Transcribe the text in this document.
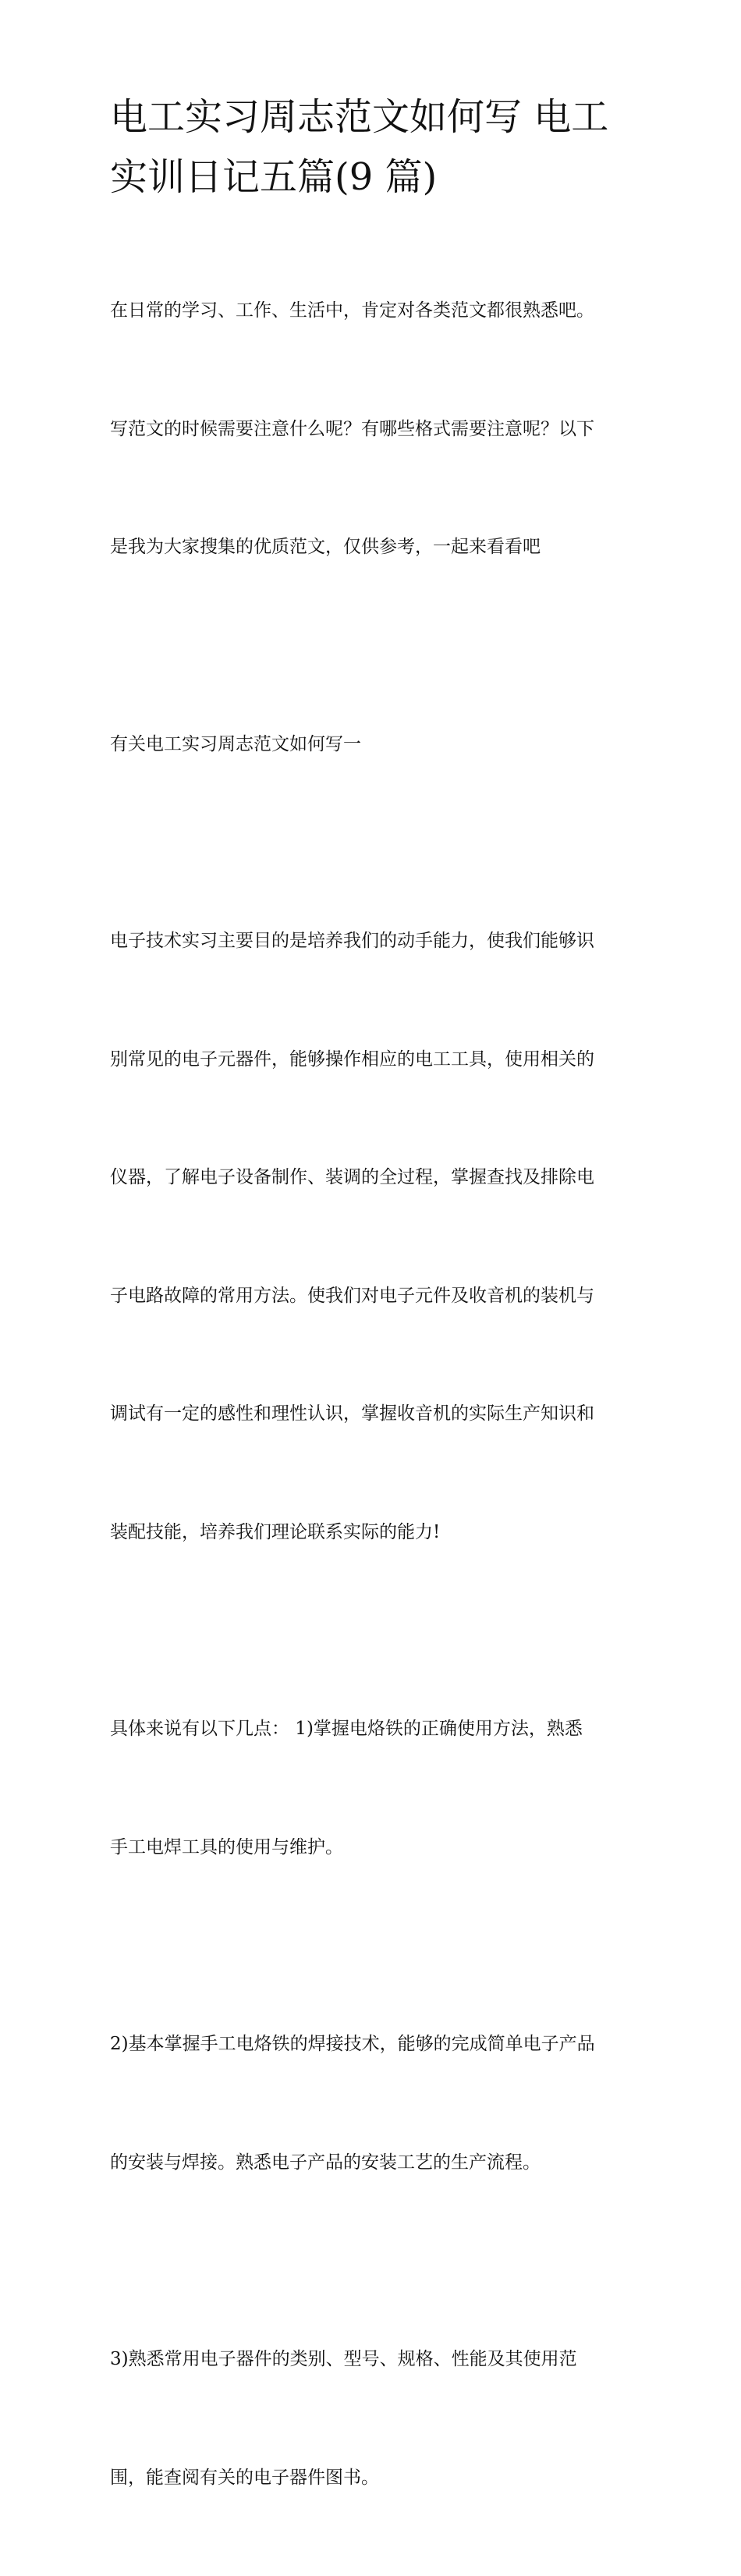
电工实习周志范文如何写 电工
实训日记五篇(9 篇)

在日常的学习、工作、生活中，肯定对各类范文都很熟悉吧。

写范文的时候需要注意什么呢？有哪些格式需要注意呢？以下

是我为大家搜集的优质范文，仅供参考，一起来看看吧

有关电工实习周志范文如何写一

电子技术实习主要目的是培养我们的动手能力，使我们能够识

别常见的电子元器件，能够操作相应的电工工具，使用相关的

仪器，了解电子设备制作、装调的全过程，掌握查找及排除电

子电路故障的常用方法。使我们对电子元件及收音机的装机与

调试有一定的感性和理性认识，掌握收音机的实际生产知识和

装配技能，培养我们理论联系实际的能力!

具体来说有以下几点： 1)掌握电烙铁的正确使用方法，熟悉

手工电焊工具的使用与维护。

2)基本掌握手工电烙铁的焊接技术，能够的完成简单电子产品

的安装与焊接。熟悉电子产品的安装工艺的生产流程。

3)熟悉常用电子器件的类别、型号、规格、性能及其使用范

围，能查阅有关的电子器件图书。
